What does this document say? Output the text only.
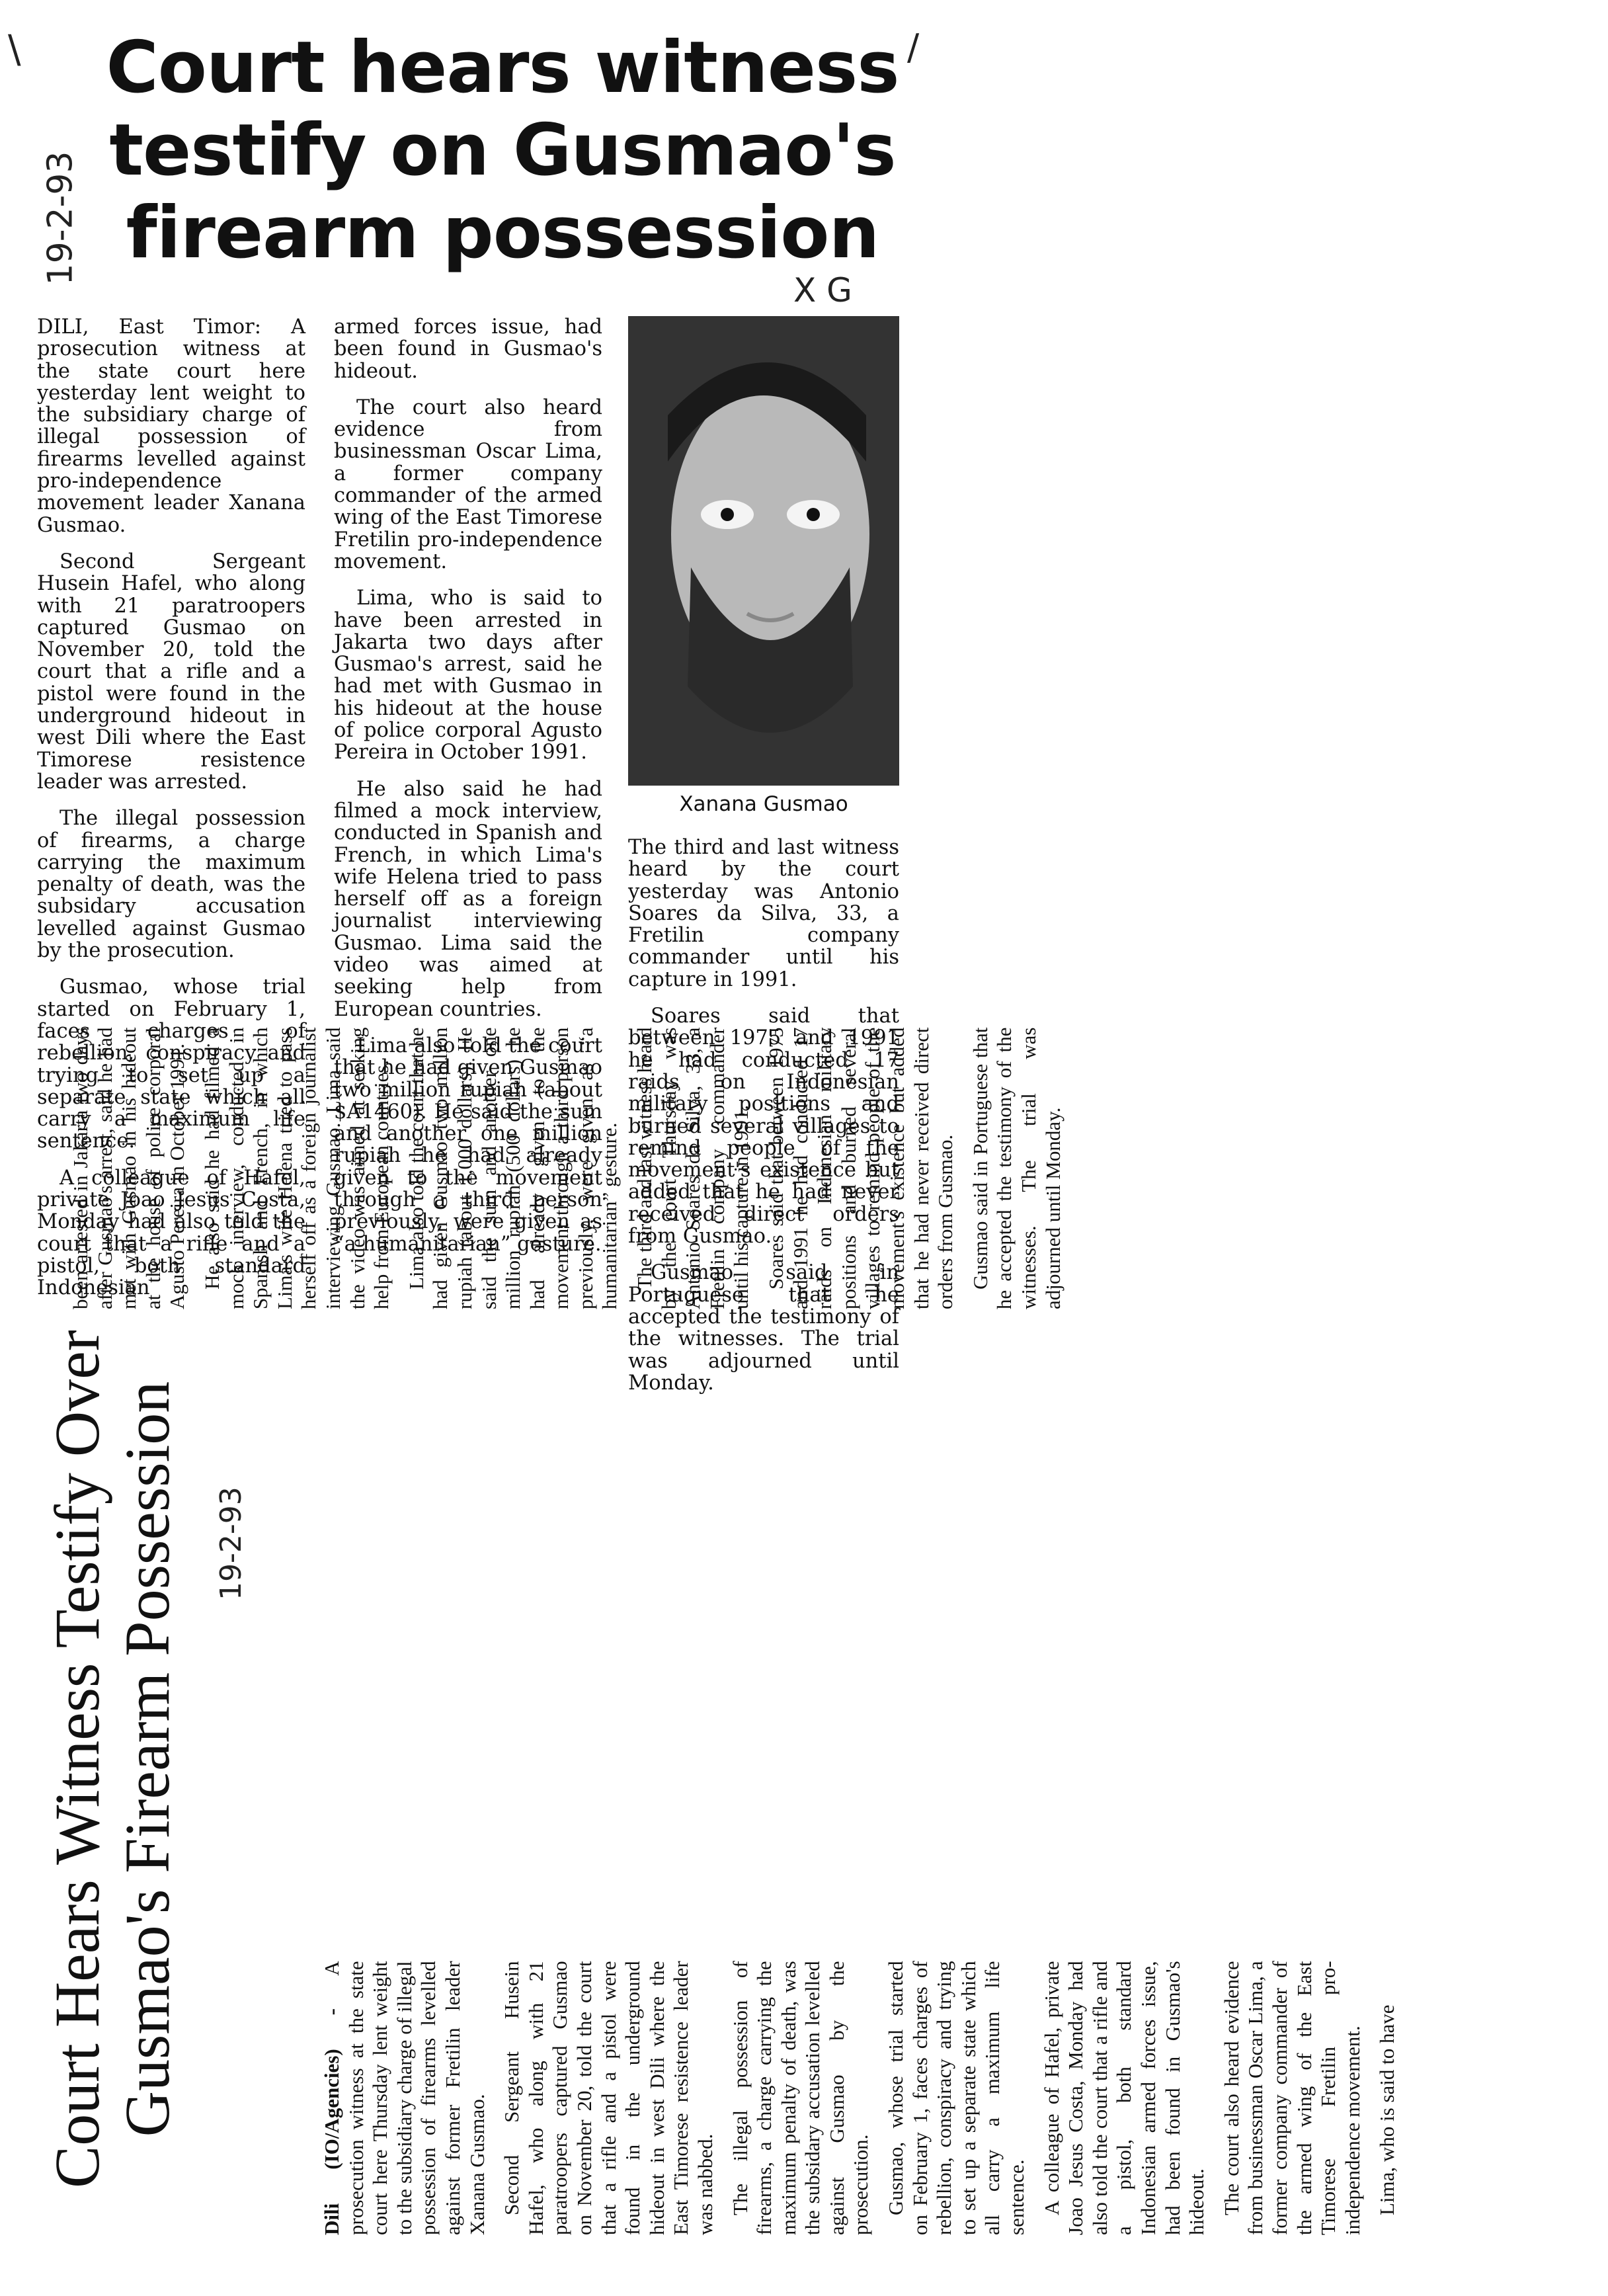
\	/
19-2-93
X G
Court hears witness testify on Gusmao's firearm possession

DILI, East Timor: A prosecution witness at the state court here yesterday lent weight to the subsidiary charge of illegal possession of firearms levelled against pro-independence movement leader Xanana Gusmao.

Second Sergeant Husein Hafel, who along with 21 paratroopers captured Gusmao on November 20, told the court that a rifle and a pistol were found in the underground hideout in west Dili where the East Timorese resistence leader was arrested.

The illegal possession of firearms, a charge carrying the maximum penalty of death, was the subsidary accusation levelled against Gusmao by the prosecution.

Gusmao, whose trial started on February 1, faces charges of rebellion, conspiracy and trying to set up a separate state which all carry a maximum life sentence.

A colleague of Hafel, private Joao Jesus Costa, Monday had also told the court that a rifle and a pistol, both standard Indonesian

armed forces issue, had been found in Gusmao's hideout.

The court also heard evidence from businessman Oscar Lima, a former company commander of the armed wing of the East Timorese Fretilin pro-independence movement.

Lima, who is said to have been arrested in Jakarta two days after Gusmao's arrest, said he had met with Gusmao in his hideout at the house of police corporal Agusto Pereira in October 1991.

He also said he had filmed a mock interview, conducted in Spanish and French, in which Lima's wife Helena tried to pass herself off as a foreign journalist interviewing Gusmao. Lima said the video was aimed at seeking help from European countries.

Lima also told the court that he had given Gusmao two million rupiah (about $A1460). He said the sum and another one million rupiah he had already given to the movement through a third person previously, were given as “a humanitarian” gesture.

Xanana Gusmao

The third and last witness heard by the court yesterday was Antonio Soares da Silva, 33, a Fretilin company commander until his capture in 1991.

Soares said that between 1975 and 1991 he had conducted 17 raids on Indonesian military positions and burned several villages to remind people of the movement's existence but added that he had never received direct orders from Gusmao.

Gusmao said in Portuguese that he accepted the testimony of the witnesses. The trial was adjourned until Monday.

Court Hears Witness Testify Over Gusmao's Firearm Possession 19-2-93

Dili (IO/Agencies) - A prosecution witness at the state court here Thursday lent weight to the subsidiary charge of illegal possession of firearms levelled against former Fretilin leader Xanana Gusmao. Second Sergeant Husein Hafel, who along with 21 paratroopers captured Gusmao on November 20, told the court that a rifle and a pistol were found in the underground hideout in west Dili where the East Timorese resistence leader was nabbed. The illegal possession of firearms, a charge carrying the maximum penalty of death, was the subsidary accusation levelled against Gusmao by the prosecution. Gusmao, whose trial started on February 1, faces charges of rebellion, conspiracy and trying to set up a separate state which all carry a maximum life sentence. A colleague of Hafel, private Joao Jesus Costa, Monday had also told the court that a rifle and a pistol, both standard Indonesian armed forces issue, had been found in Gusmao's hideout. The court also heard evidence from businessman Oscar Lima, a former company commander of the armed wing of the East Timorese Fretilin pro-independence movement. Lima, who is said to have

been arrested in Jakarta two days after Gusmao's arrest, said he had met with Gusmao in his hideout at the house of police corporal Agusto Pereira in October 1991. He also said he had filmed a mock interview, conducted in Spanish and French, in which Lima's wife Helena tried to pass herself off as a foreign journalist interviewing Gusmao. Lima said the video was aimed at seeking help from European countries. Lima also told the court that he had given Gusmao two million rupiah (about 1,000 dollars). He said the sum and another one million rupiah (500 dollars) he had already given to the movement through a third person previously, were given as “a humanitarian” gesture. The third and last witness heard by the court Thursday was Antonio Soares da Silva, 33, a Fretilin company commander until his capture in 1991. Soares said that between 1975 and 1991 he had conducted 17 raids on Indonesian military positions and burned several villages to remind people of the movement's existence but added that he had never received direct orders from Gusmao. Gusmao said in Portuguese that he accepted the testimony of the witnesses. The trial was adjourned until Monday.
